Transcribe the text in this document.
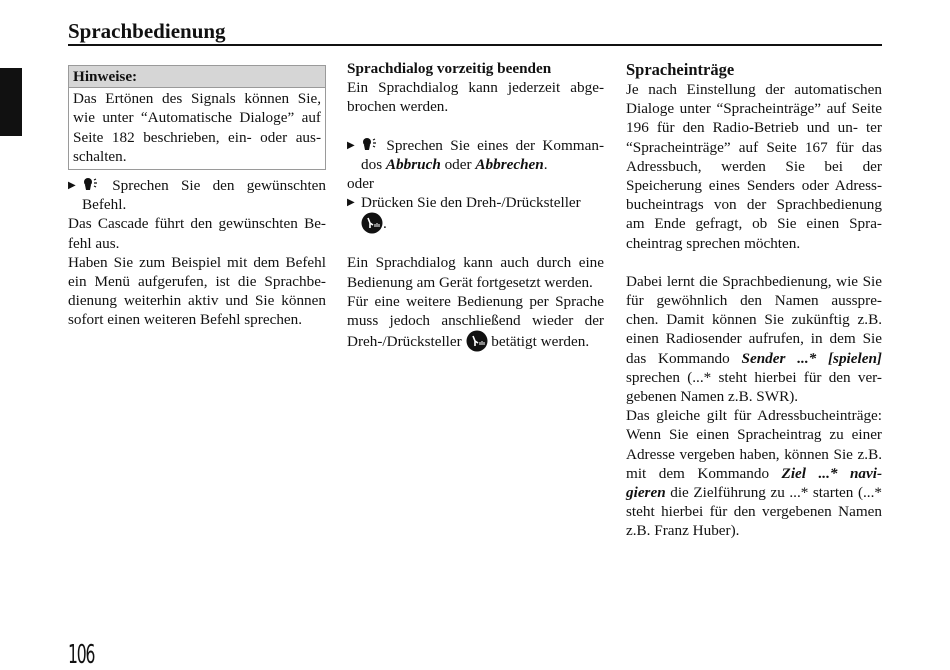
Sprachbedienung
Hinweise:
Das Ertönen des Signals können Sie, wie unter “Automatische Dialoge” auf Seite 182 beschrieben, ein- oder aus- schalten.

▶ Sprechen Sie den gewünschten Befehl.

Das Cascade führt den gewünschten Be- fehl aus.

Haben Sie zum Beispiel mit dem Befehl ein Menü aufgerufen, ist die Sprachbe- dienung weiterhin aktiv und Sie können sofort einen weiteren Befehl sprechen.

Sprachdialog vorzeitig beenden

Ein Sprachdialog kann jederzeit abge- brochen werden.

▶ Sprechen Sie eines der Komman- dos Abbruch oder Abbrechen.

oder

▶ Drücken Sie den Dreh-/Drücksteller
.

Ein Sprachdialog kann auch durch eine Bedienung am Gerät fortgesetzt werden.

Für eine weitere Bedienung per Sprache muss jedoch anschließend wieder der Dreh-/Drücksteller betätigt werden.

Spracheinträge

Je nach Einstellung der automatischen Dialoge unter “Spracheinträge” auf Seite 196 für den Radio-Betrieb und un- ter “Spracheinträge” auf Seite 167 für das Adressbuch, werden Sie bei der Speicherung eines Senders oder Adress- bucheintrags von der Sprachbedienung am Ende gefragt, ob Sie einen Spra- cheintrag sprechen möchten.

Dabei lernt die Sprachbedienung, wie Sie für gewöhnlich den Namen ausspre- chen. Damit können Sie zukünftig z.B. einen Radiosender aufrufen, in dem Sie das Kommando Sender ...* [spielen] sprechen (...* steht hierbei für den ver- gebenen Namen z.B. SWR).

Das gleiche gilt für Adressbucheinträge: Wenn Sie einen Spracheintrag zu einer Adresse vergeben haben, können Sie z.B. mit dem Kommando Ziel ...* navi- gieren die Zielführung zu ...* starten (...* steht hierbei für den vergebenen Namen z.B. Franz Huber).

106
